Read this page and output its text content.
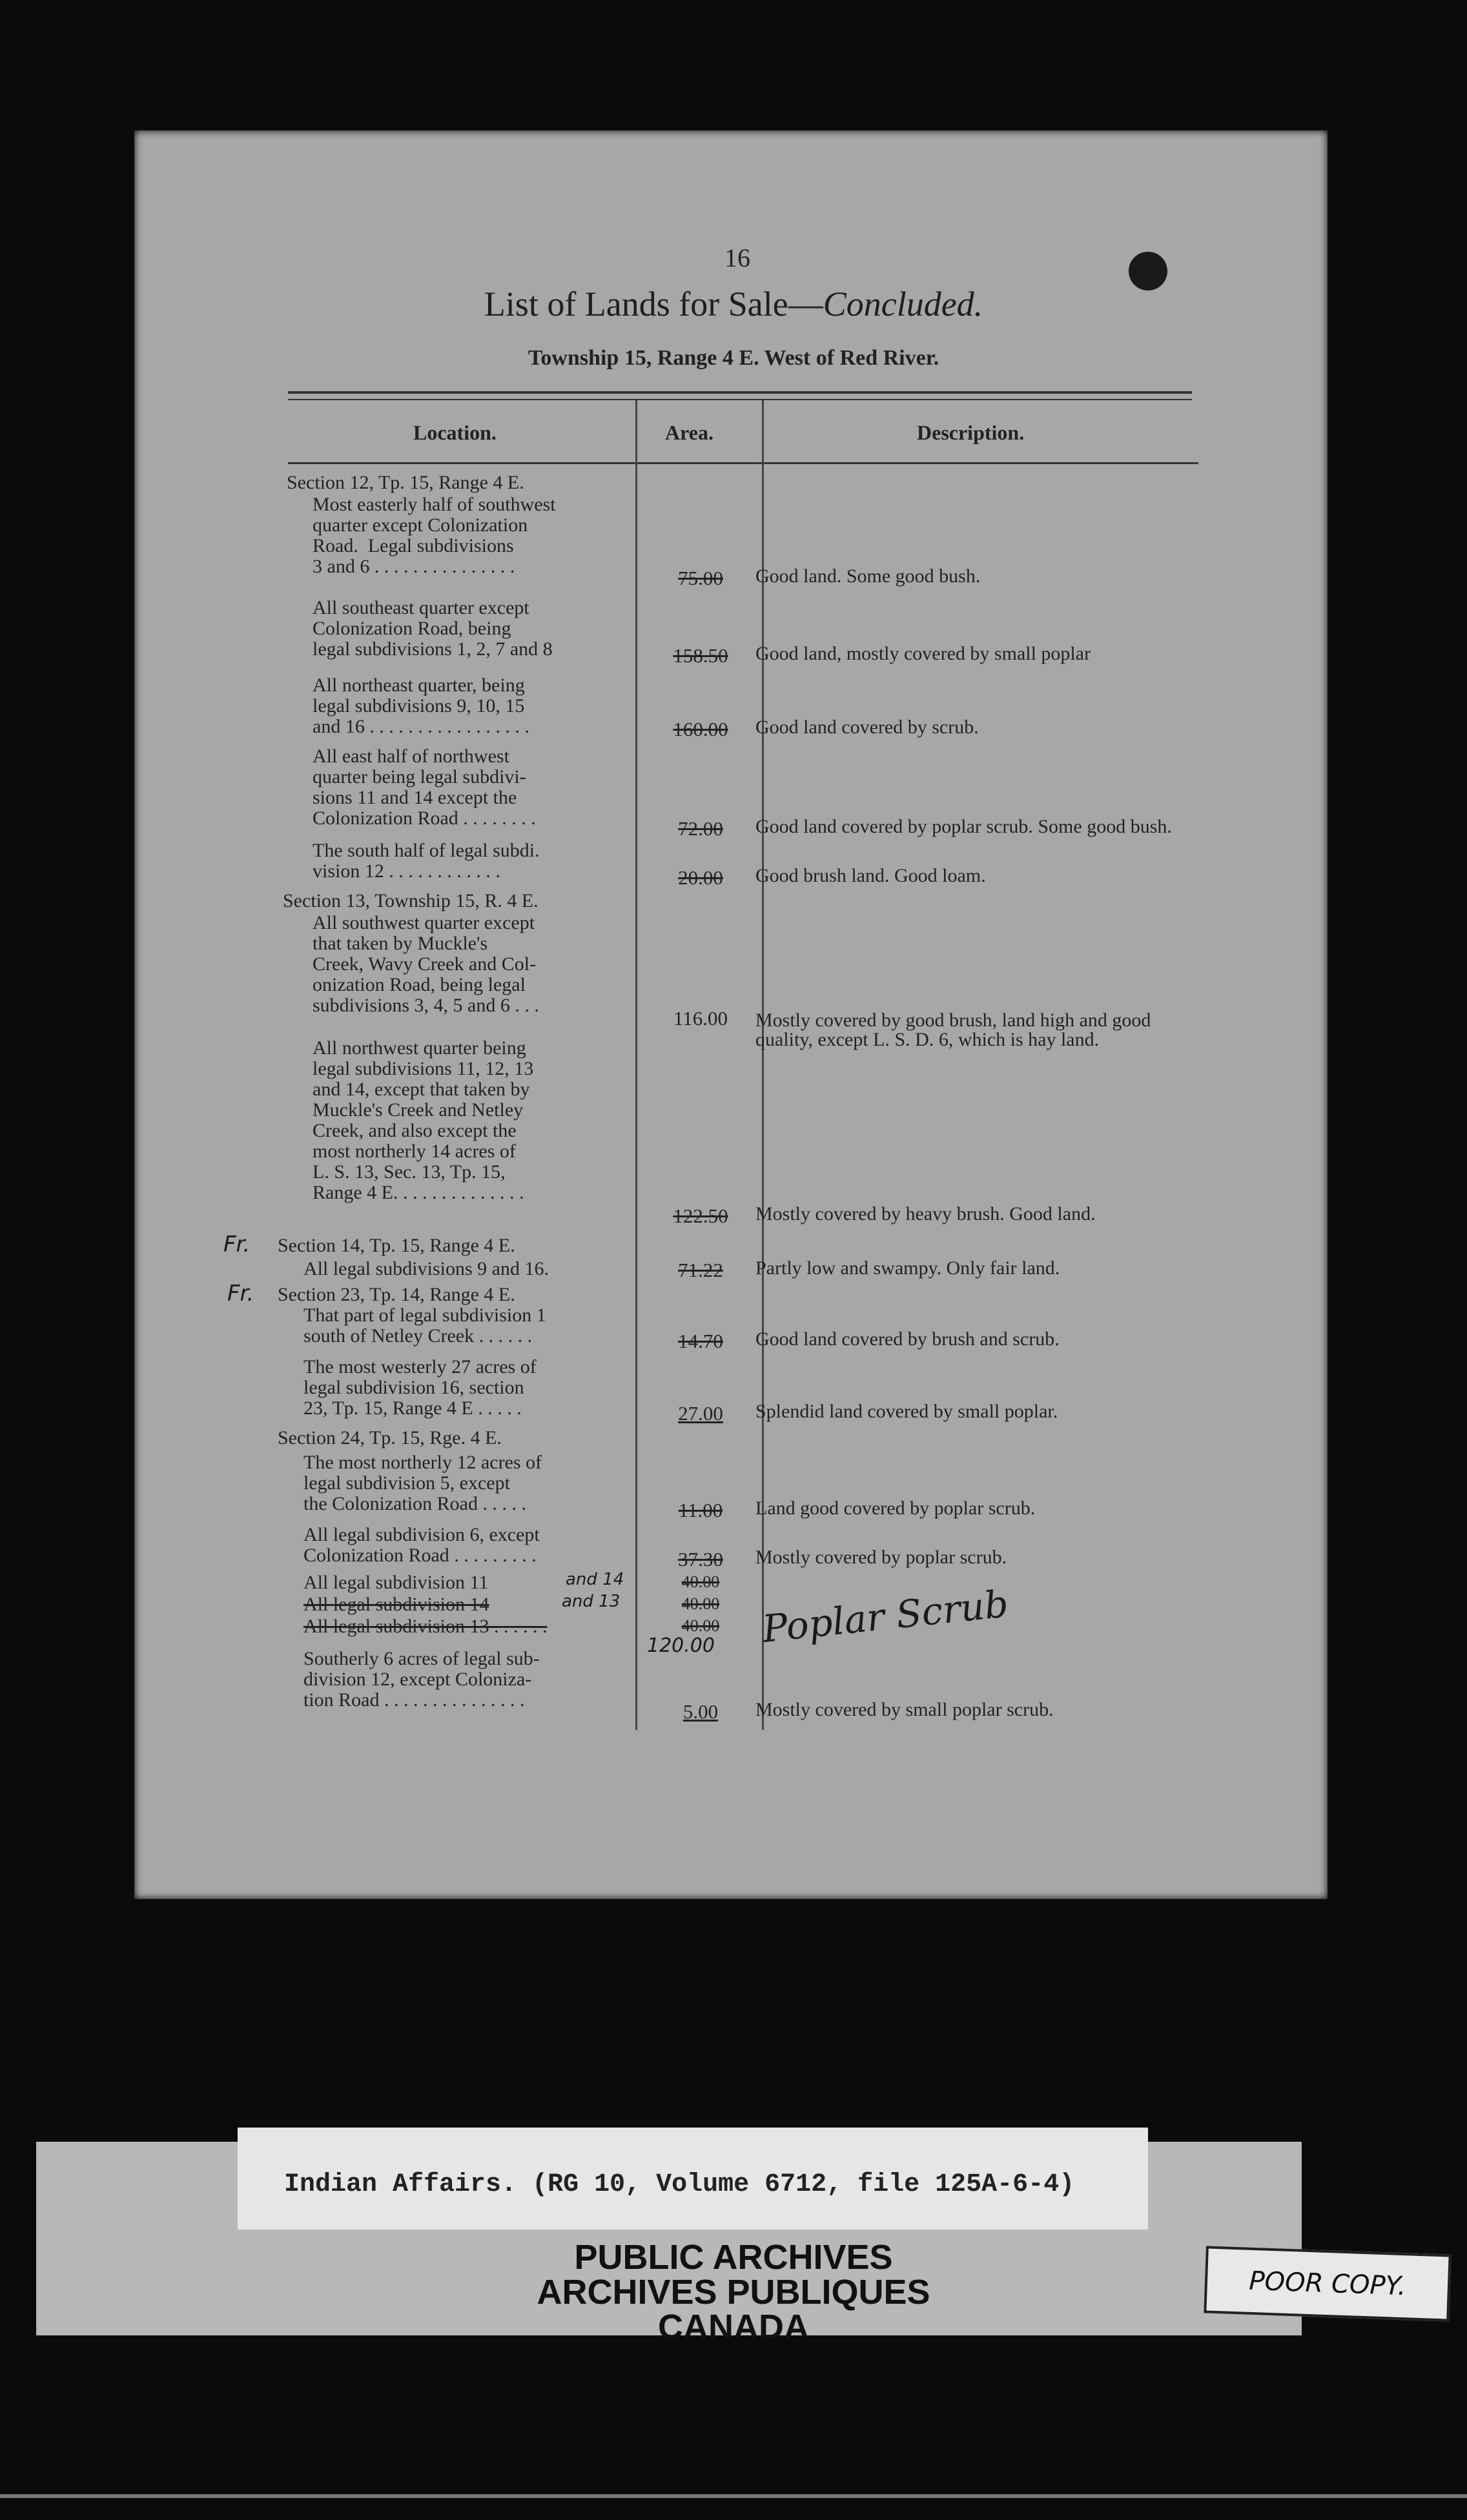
16
List of Lands for Sale—Concluded.
Township 15, Range 4 E. West of Red River.
Location.	Area.	Description.
Section 12, Tp. 15, Range 4 E.
Most easterly half of southwest
quarter except Colonization
Road.  Legal subdivisions
3 and 6 . . . . . . . . . . . . . . .
75.00	Good land. Some good bush.
All southeast quarter except
Colonization Road, being
legal subdivisions 1, 2, 7 and 8	158.50	Good land, mostly covered by small poplar
All northeast quarter, being
legal subdivisions 9, 10, 15
and 16 . . . . . . . . . . . . . . . . .	160.00	Good land covered by scrub.
All east half of northwest
quarter being legal subdivi-
sions 11 and 14 except the
Colonization Road . . . . . . . .	72.00	Good land covered by poplar scrub. Some good bush.
The south half of legal subdi.
vision 12 . . . . . . . . . . . .	20.00	Good brush land. Good loam.
Section 13, Township 15, R. 4 E.
All southwest quarter except
that taken by Muckle's
Creek, Wavy Creek and Col-
onization Road, being legal
subdivisions 3, 4, 5 and 6 . . .
116.00	Mostly covered by good brush, land high and good quality, except L. S. D. 6, which is hay land.
All northwest quarter being
legal subdivisions 11, 12, 13
and 14, except that taken by
Muckle's Creek and Netley
Creek, and also except the
most northerly 14 acres of
L. S. 13, Sec. 13, Tp. 15,
Range 4 E. . . . . . . . . . . . . .
122.50	Mostly covered by heavy brush. Good land.
Fr. Section 14, Tp. 15, Range 4 E.
All legal subdivisions 9 and 16.	71.22	Partly low and swampy. Only fair land.
Fr. Section 23, Tp. 14, Range 4 E.
That part of legal subdivision 1
south of Netley Creek . . . . . .	14.70	Good land covered by brush and scrub.
The most westerly 27 acres of
legal subdivision 16, section
23, Tp. 15, Range 4 E . . . . .	27.00	Splendid land covered by small poplar.
Section 24, Tp. 15, Rge. 4 E.
The most northerly 12 acres of
legal subdivision 5, except
the Colonization Road . . . . .	11.00	Land good covered by poplar scrub.
All legal subdivision 6, except
Colonization Road . . . . . . . . .	37.30	Mostly covered by poplar scrub.
All legal subdivision 11	and 14	40.00
All legal subdivision 14	and 13	40.00
All legal subdivision 13 . . . . . .	40.00
120.00 Poplar Scrub
Southerly 6 acres of legal sub-
division 12, except Coloniza-
tion Road . . . . . . . . . . . . . . .
5.00	Mostly covered by small poplar scrub.
Indian Affairs. (RG 10, Volume 6712, file 125A-6-4)
PUBLIC ARCHIVES
ARCHIVES PUBLIQUES
CANADA
POOR COPY.
